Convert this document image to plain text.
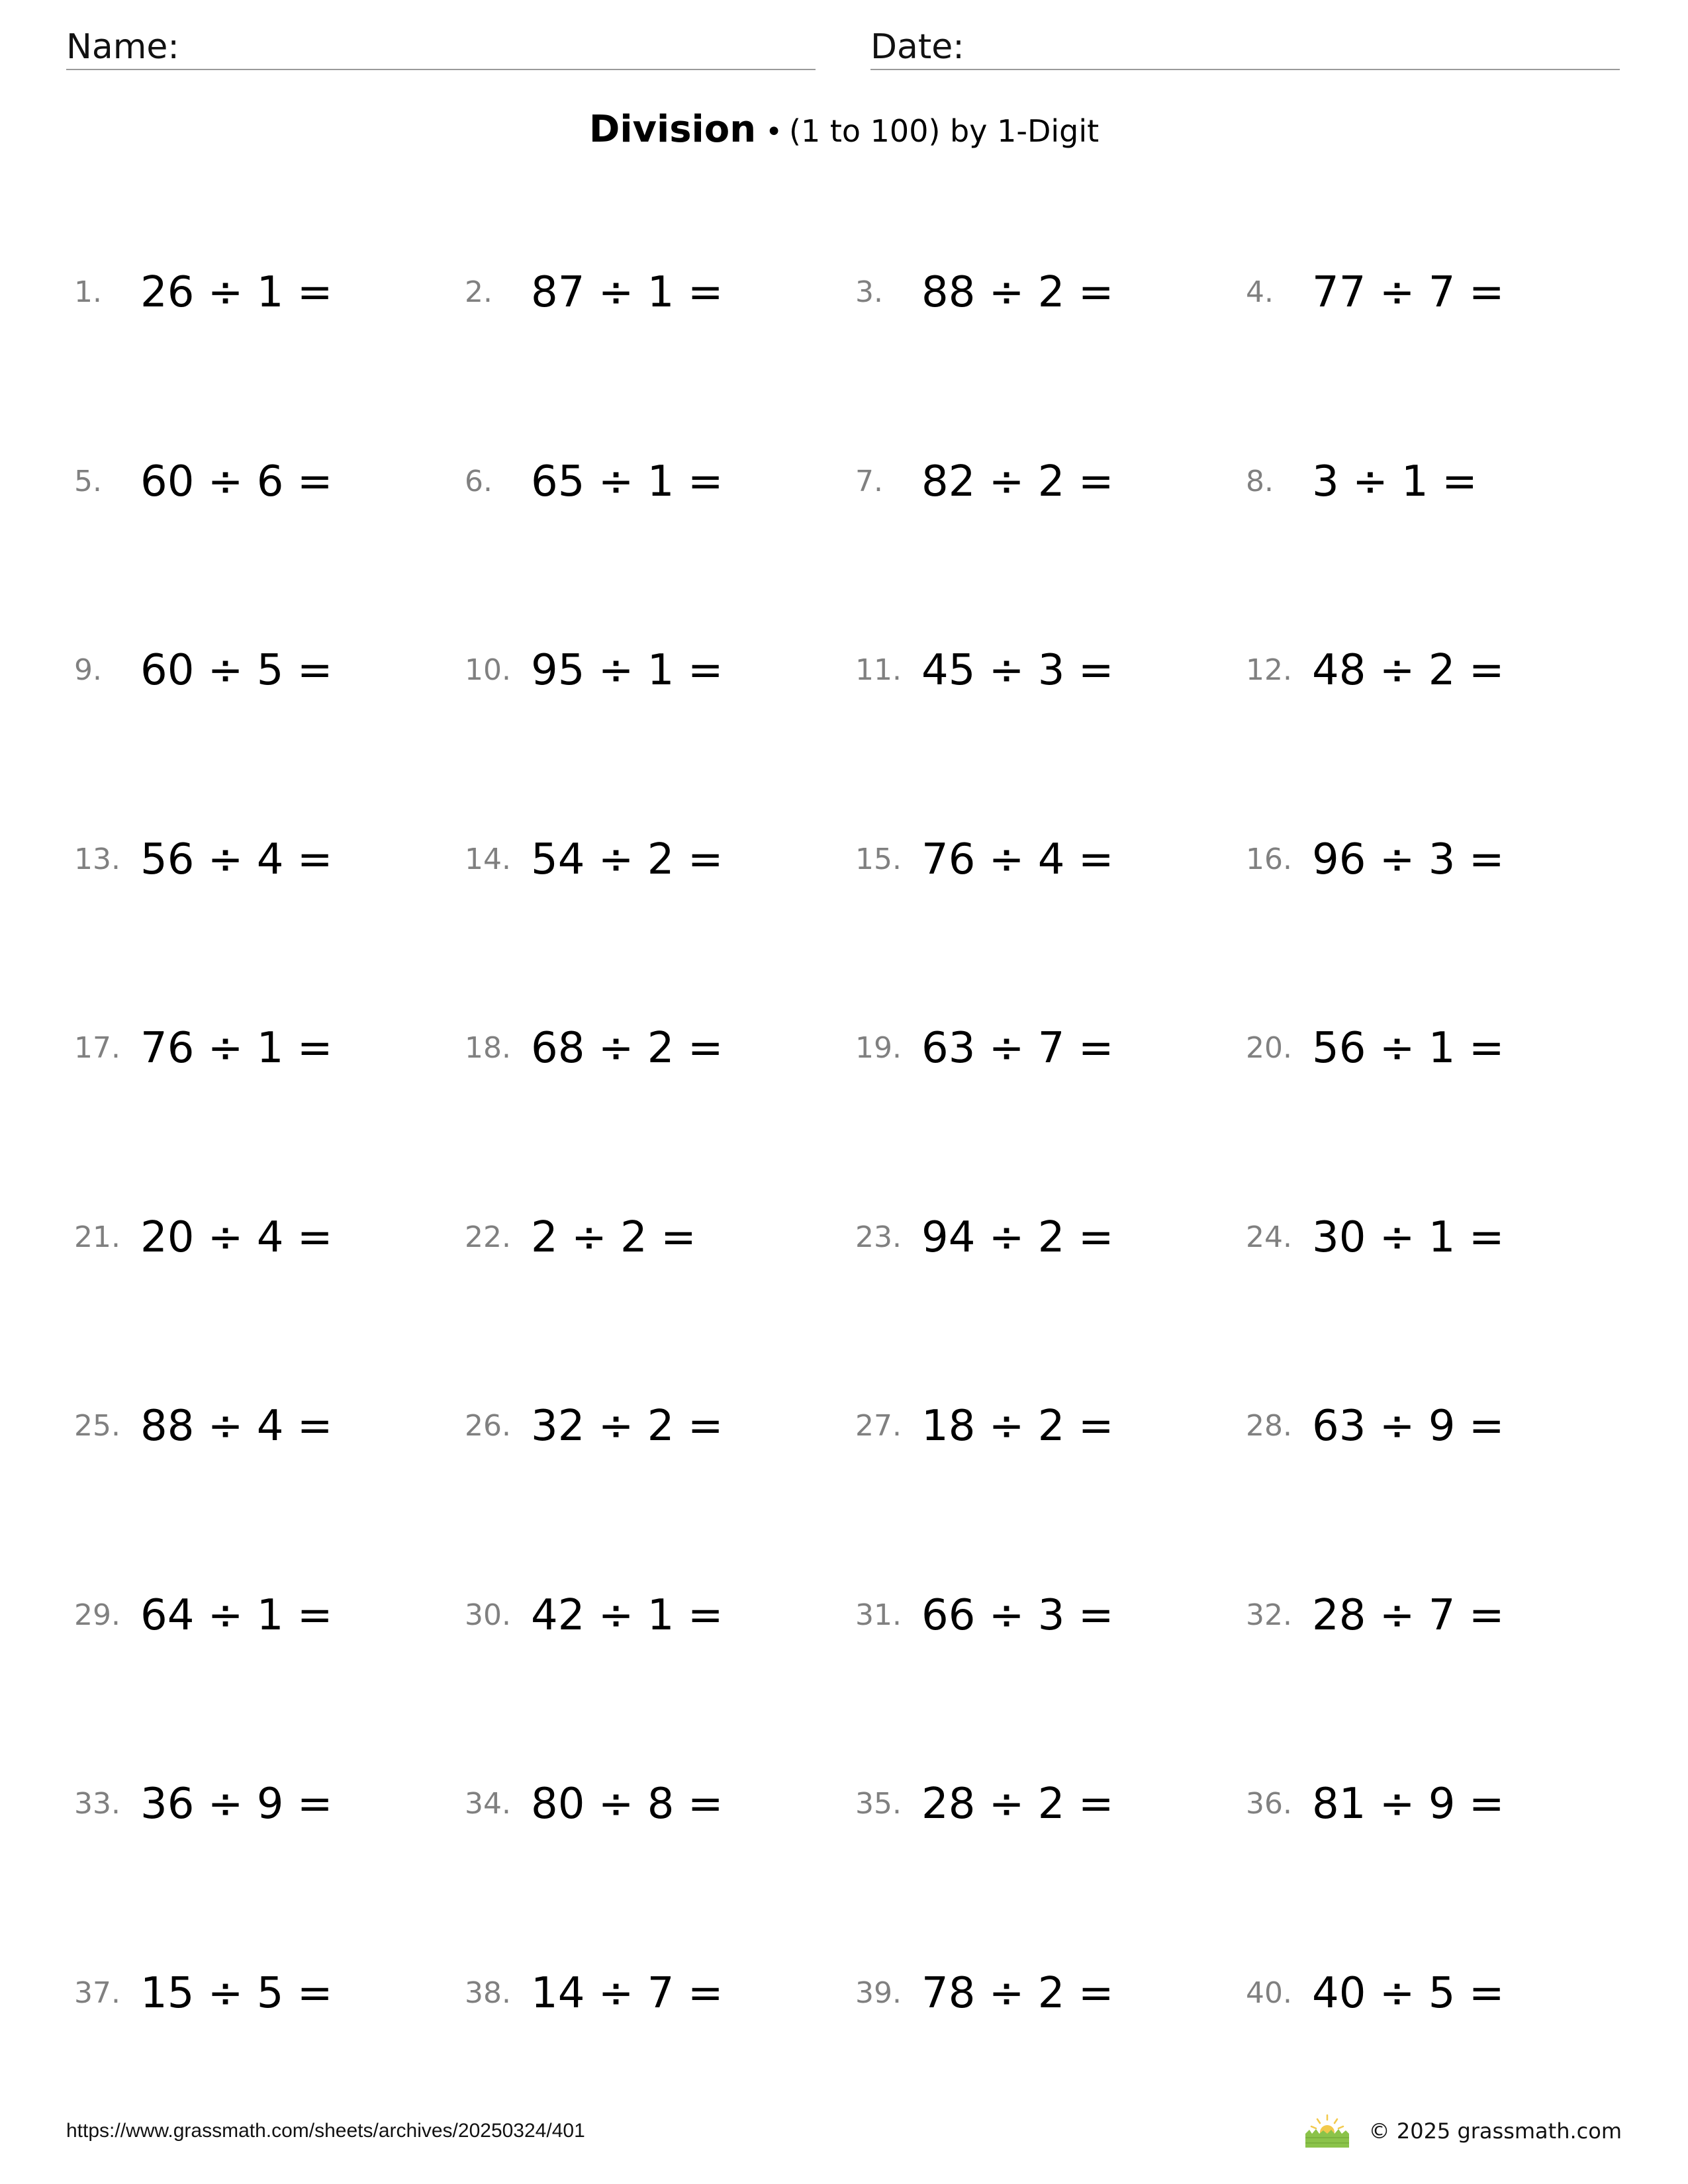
Name:	Date:
Division • (1 to 100) by 1-Digit
1. 26 ÷ 1 =	2. 87 ÷ 1 =	3. 88 ÷ 2 =	4. 77 ÷ 7 =
5. 60 ÷ 6 =	6. 65 ÷ 1 =	7. 82 ÷ 2 =	8. 3 ÷ 1 =
9. 60 ÷ 5 =	10. 95 ÷ 1 =	11. 45 ÷ 3 =	12. 48 ÷ 2 =
13. 56 ÷ 4 =	14. 54 ÷ 2 =	15. 76 ÷ 4 =	16. 96 ÷ 3 =
17. 76 ÷ 1 =	18. 68 ÷ 2 =	19. 63 ÷ 7 =	20. 56 ÷ 1 =
21. 20 ÷ 4 =	22. 2 ÷ 2 =	23. 94 ÷ 2 =	24. 30 ÷ 1 =
25. 88 ÷ 4 =	26. 32 ÷ 2 =	27. 18 ÷ 2 =	28. 63 ÷ 9 =
29. 64 ÷ 1 =	30. 42 ÷ 1 =	31. 66 ÷ 3 =	32. 28 ÷ 7 =
33. 36 ÷ 9 =	34. 80 ÷ 8 =	35. 28 ÷ 2 =	36. 81 ÷ 9 =
37. 15 ÷ 5 =	38. 14 ÷ 7 =	39. 78 ÷ 2 =	40. 40 ÷ 5 =
https://www.grassmath.com/sheets/archives/20250324/401	© 2025 grassmath.com
